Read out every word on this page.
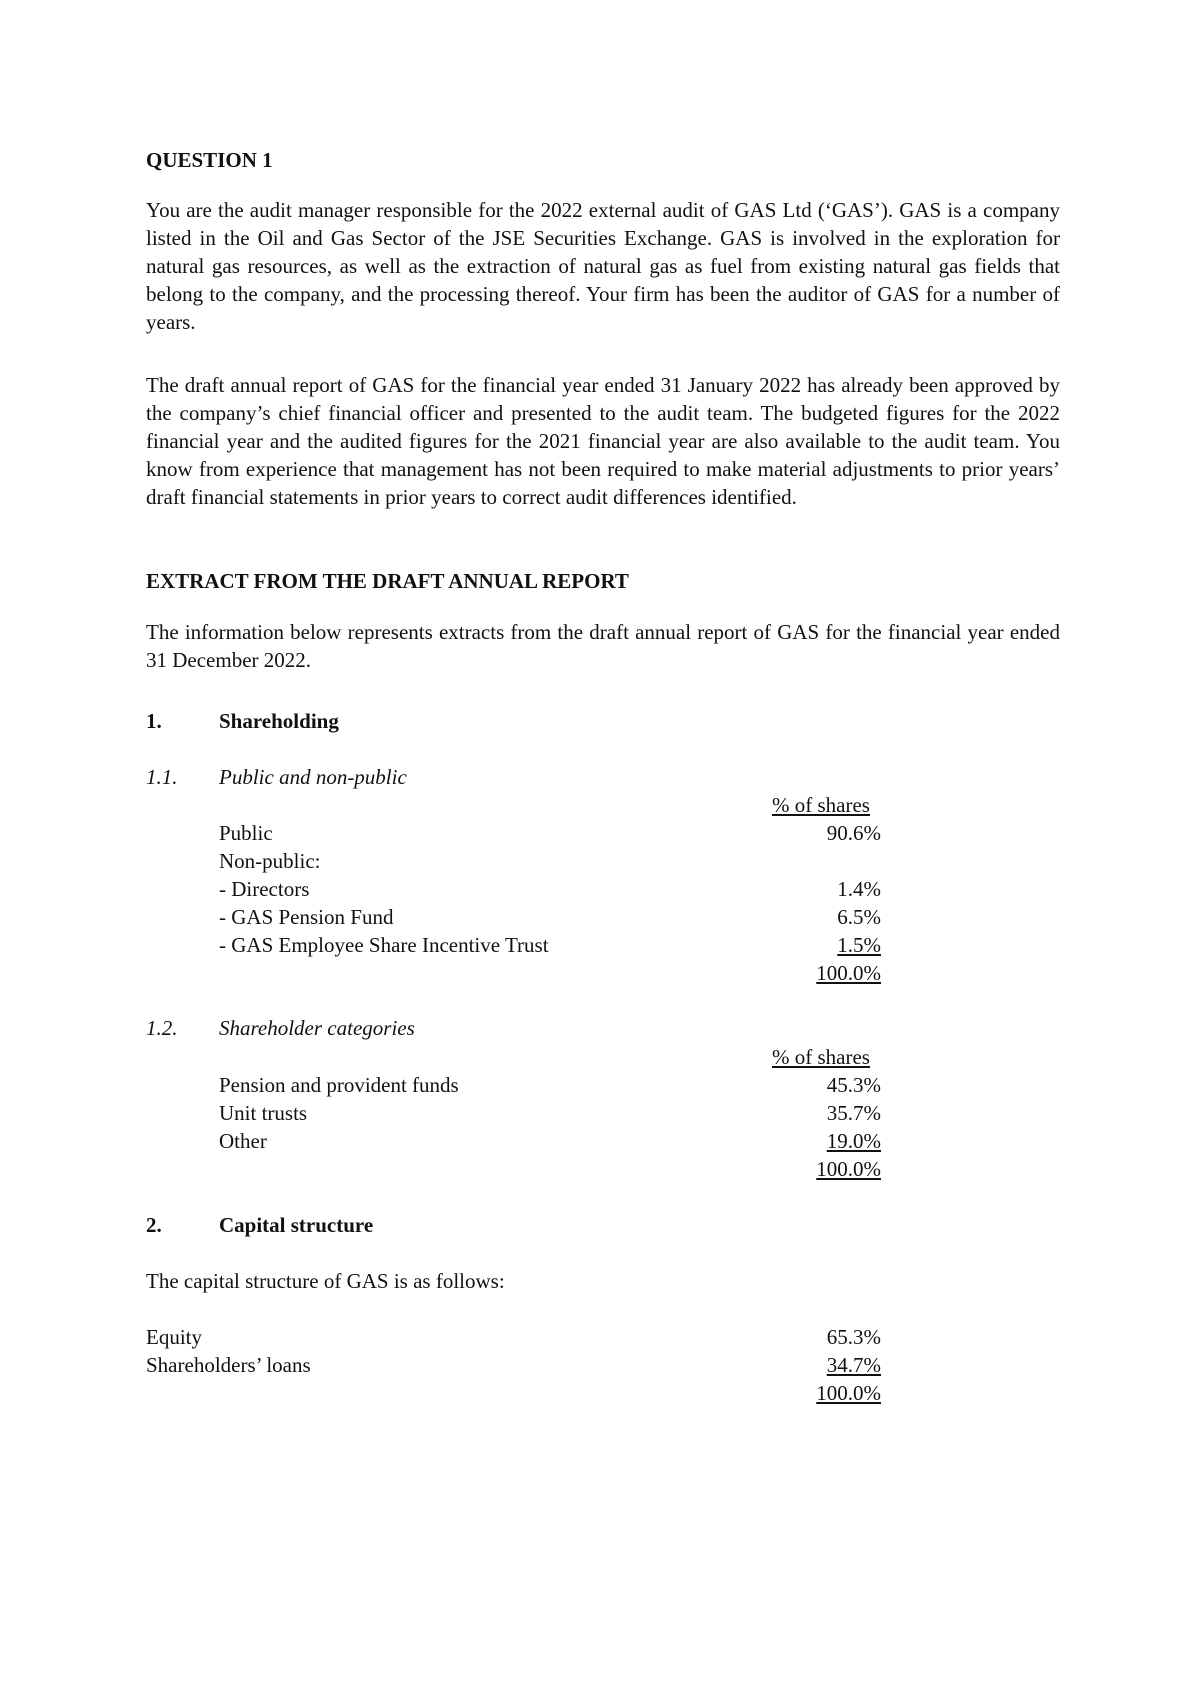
QUESTION 1
You are the audit manager responsible for the 2022 external audit of GAS Ltd (‘GAS’). GAS is a company listed in the Oil and Gas Sector of the JSE Securities Exchange. GAS is involved in the exploration for natural gas resources, as well as the extraction of natural gas as fuel from existing natural gas fields that belong to the company, and the processing thereof. Your firm has been the auditor of GAS for a number of years.
The draft annual report of GAS for the financial year ended 31 January 2022 has already been approved by the company’s chief financial officer and presented to the audit team. The budgeted figures for the 2022 financial year and the audited figures for the 2021 financial year are also available to the audit team. You know from experience that management has not been required to make material adjustments to prior years’ draft financial statements in prior years to correct audit differences identified.
EXTRACT FROM THE DRAFT ANNUAL REPORT
The information below represents extracts from the draft annual report of GAS for the financial year ended 31 December 2022.
1.	Shareholding
1.1. Public and non-public
% of shares
Public	90.6%
Non-public:
- Directors	1.4%
- GAS Pension Fund	6.5%
- GAS Employee Share Incentive Trust	1.5%
100.0%
1.2. Shareholder categories
% of shares
Pension and provident funds	45.3%
Unit trusts	35.7%
Other	19.0%
100.0%
2.	Capital structure
The capital structure of GAS is as follows:
Equity	65.3%
Shareholders’ loans	34.7%
100.0%
